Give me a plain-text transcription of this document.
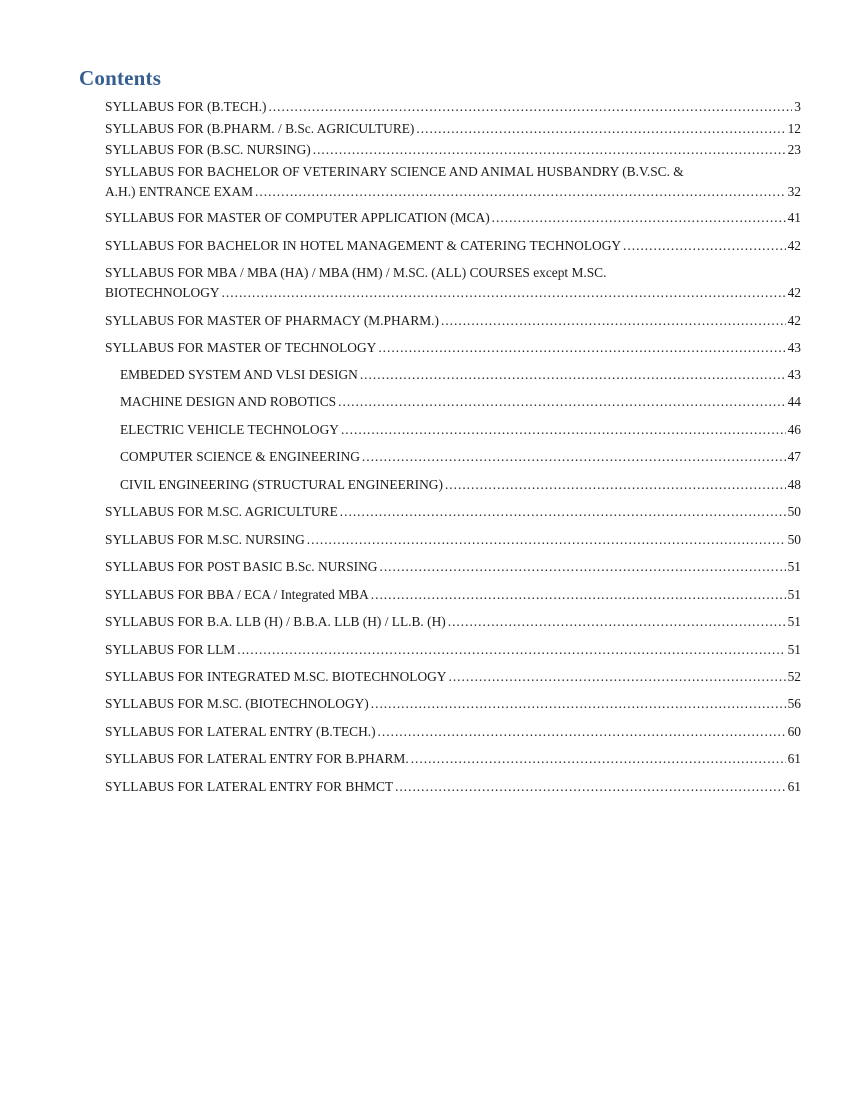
Contents
SYLLABUS FOR (B.TECH.) .....	3
SYLLABUS FOR (B.PHARM. / B.Sc. AGRICULTURE) .....	12
SYLLABUS FOR (B.SC. NURSING) .....	23
SYLLABUS FOR BACHELOR OF VETERINARY SCIENCE AND ANIMAL HUSBANDRY (B.V.SC. &
A.H.) ENTRANCE EXAM .....	32
SYLLABUS FOR MASTER OF COMPUTER APPLICATION (MCA) .....	41
SYLLABUS FOR BACHELOR IN HOTEL MANAGEMENT & CATERING TECHNOLOGY .....	42
SYLLABUS FOR MBA / MBA (HA) / MBA (HM) / M.SC. (ALL) COURSES except M.SC.
BIOTECHNOLOGY .....	42
SYLLABUS FOR MASTER OF PHARMACY (M.PHARM.) .....	42
SYLLABUS FOR MASTER OF TECHNOLOGY .....	43
EMBEDED SYSTEM AND VLSI DESIGN .....	43
MACHINE DESIGN AND ROBOTICS .....	44
ELECTRIC VEHICLE TECHNOLOGY .....	46
COMPUTER SCIENCE & ENGINEERING .....	47
CIVIL ENGINEERING (STRUCTURAL ENGINEERING) .....	48
SYLLABUS FOR M.SC. AGRICULTURE .....	50
SYLLABUS FOR M.SC. NURSING .....	50
SYLLABUS FOR POST BASIC B.Sc. NURSING .....	51
SYLLABUS FOR BBA / ECA / Integrated MBA .....	51
SYLLABUS FOR B.A. LLB (H) / B.B.A. LLB (H) / LL.B. (H) .....	51
SYLLABUS FOR LLM .....	51
SYLLABUS FOR INTEGRATED M.SC. BIOTECHNOLOGY .....	52
SYLLABUS FOR M.SC. (BIOTECHNOLOGY) .....	56
SYLLABUS FOR LATERAL ENTRY (B.TECH.) .....	60
SYLLABUS FOR LATERAL ENTRY FOR B.PHARM. .....	61
SYLLABUS FOR LATERAL ENTRY FOR BHMCT .....	61
